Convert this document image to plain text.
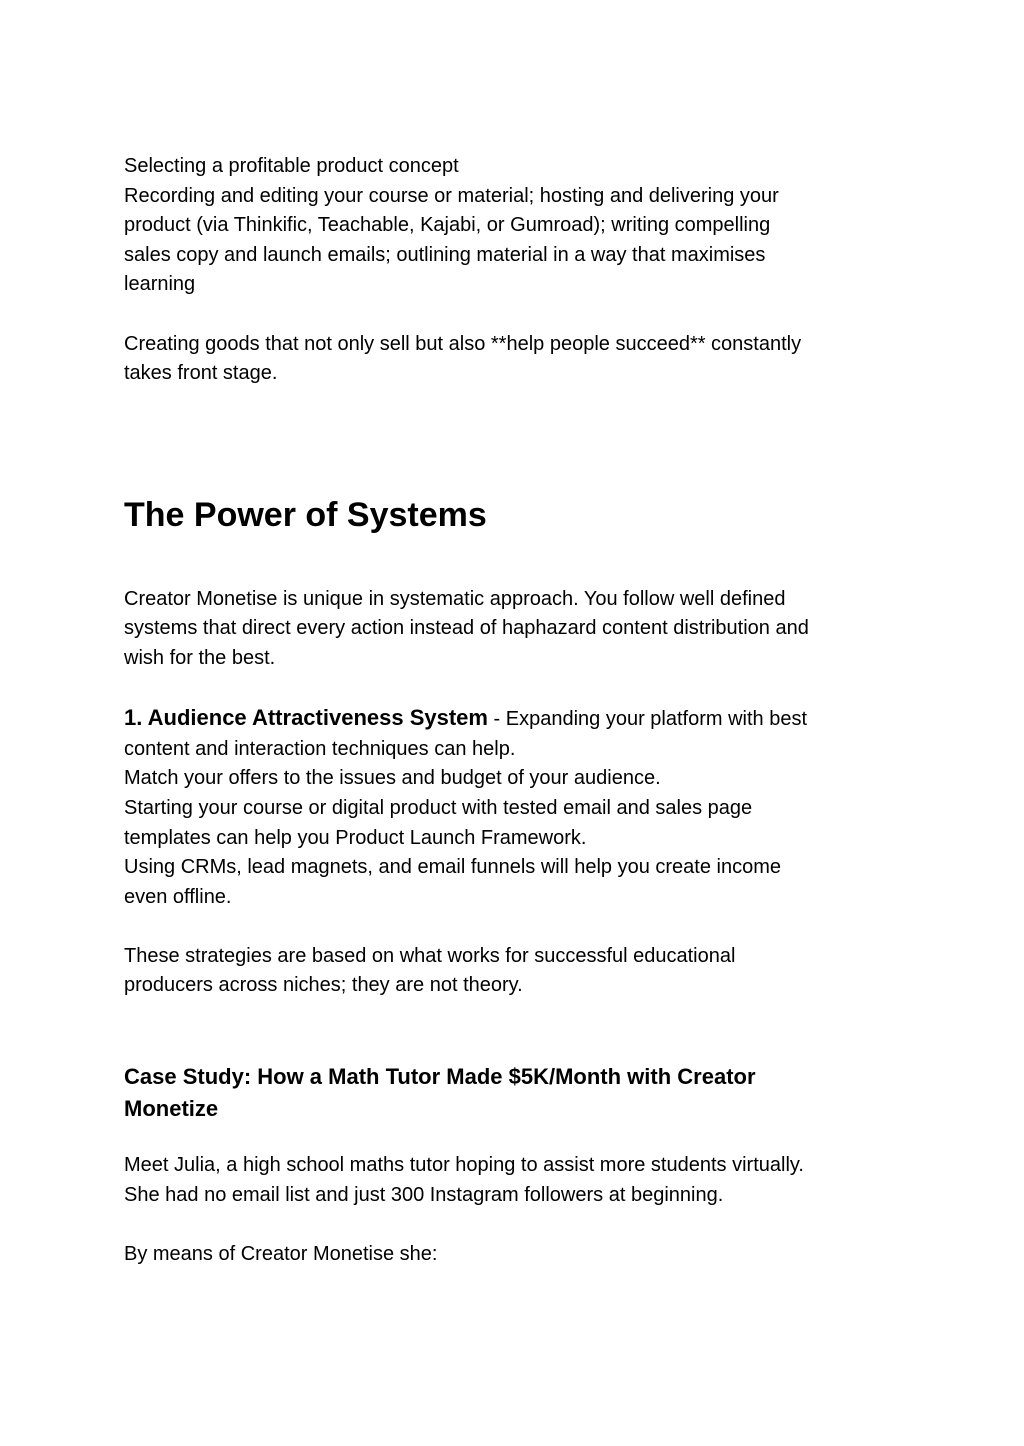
Selecting a profitable product concept

Recording and editing your course or material; hosting and delivering your

product (via Thinkific, Teachable, Kajabi, or Gumroad); writing compelling

sales copy and launch emails; outlining material in a way that maximises

learning

Creating goods that not only sell but also **help people succeed** constantly

takes front stage.

The Power of Systems

Creator Monetise is unique in systematic approach. You follow well defined

systems that direct every action instead of haphazard content distribution and

wish for the best.

1. Audience Attractiveness System - Expanding your platform with best

content and interaction techniques can help.

Match your offers to the issues and budget of your audience.

Starting your course or digital product with tested email and sales page

templates can help you Product Launch Framework.

Using CRMs, lead magnets, and email funnels will help you create income

even offline.

These strategies are based on what works for successful educational

producers across niches; they are not theory.

Case Study: How a Math Tutor Made $5K/Month with Creator
Monetize

Meet Julia, a high school maths tutor hoping to assist more students virtually.

She had no email list and just 300 Instagram followers at beginning.

By means of Creator Monetise she:
